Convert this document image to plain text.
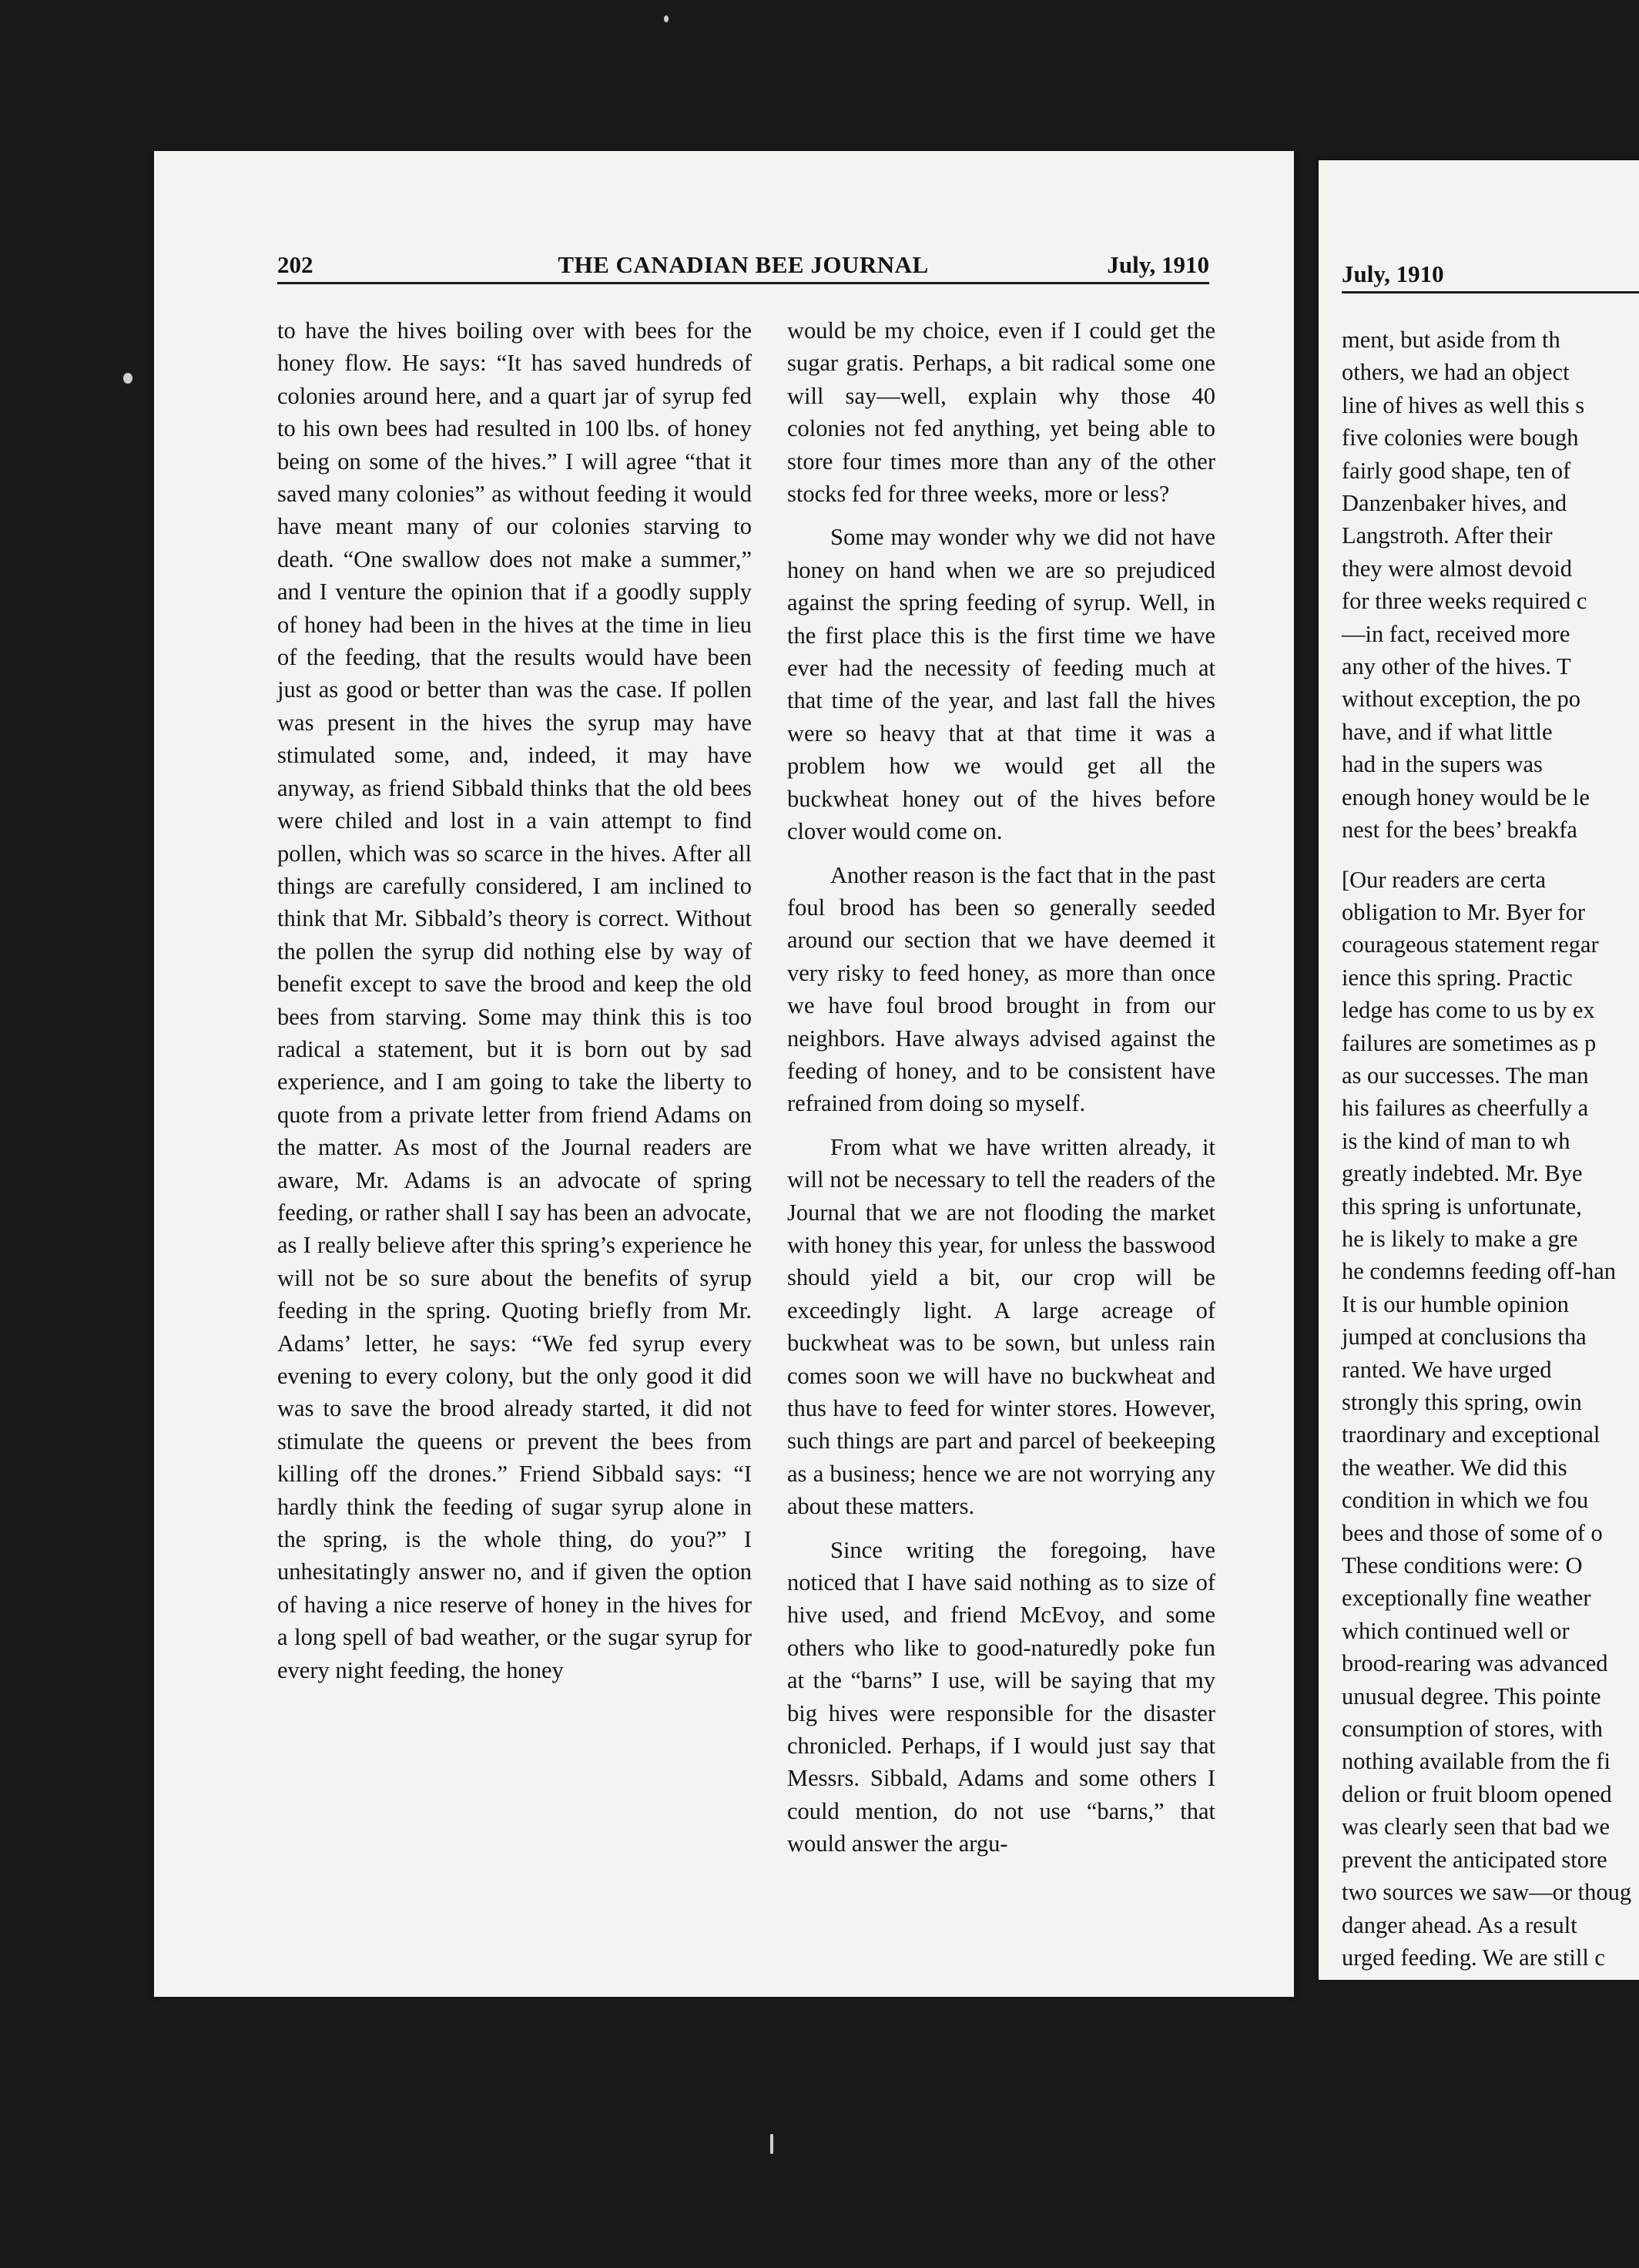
202	THE CANADIAN BEE JOURNAL	July, 1910

to have the hives boiling over with bees for the honey flow. He says: “It has saved hundreds of colonies around here, and a quart jar of syrup fed to his own bees had resulted in 100 lbs. of honey being on some of the hives.” I will agree “that it saved many colonies” as without feeding it would have meant many of our colonies starving to death. “One swallow does not make a summer,” and I venture the opinion that if a goodly supply of honey had been in the hives at the time in lieu of the feeding, that the results would have been just as good or better than was the case. If pollen was present in the hives the syrup may have stimulated some, and, indeed, it may have anyway, as friend Sibbald thinks that the old bees were chiled and lost in a vain attempt to find pollen, which was so scarce in the hives. After all things are carefully considered, I am inclined to think that Mr. Sibbald’s theory is correct. Without the pollen the syrup did nothing else by way of benefit except to save the brood and keep the old bees from starving. Some may think this is too radical a statement, but it is born out by sad experience, and I am going to take the liberty to quote from a private letter from friend Adams on the matter. As most of the Journal readers are aware, Mr. Adams is an advocate of spring feeding, or rather shall I say has been an advocate, as I really believe after this spring’s experience he will not be so sure about the benefits of syrup feeding in the spring. Quoting briefly from Mr. Adams’ letter, he says: “We fed syrup every evening to every colony, but the only good it did was to save the brood already started, it did not stimulate the queens or prevent the bees from killing off the drones.” Friend Sibbald says: “I hardly think the feeding of sugar syrup alone in the spring, is the whole thing, do you?” I unhesitatingly answer no, and if given the option of having a nice reserve of honey in the hives for a long spell of bad weather, or the sugar syrup for every night feeding, the honey

would be my choice, even if I could get the sugar gratis. Perhaps, a bit radical some one will say—well, explain why those 40 colonies not fed anything, yet being able to store four times more than any of the other stocks fed for three weeks, more or less?

Some may wonder why we did not have honey on hand when we are so prejudiced against the spring feeding of syrup. Well, in the first place this is the first time we have ever had the necessity of feeding much at that time of the year, and last fall the hives were so heavy that at that time it was a problem how we would get all the buckwheat honey out of the hives before clover would come on.

Another reason is the fact that in the past foul brood has been so generally seeded around our section that we have deemed it very risky to feed honey, as more than once we have foul brood brought in from our neighbors. Have always advised against the feeding of honey, and to be consistent have refrained from doing so myself.

From what we have written already, it will not be necessary to tell the readers of the Journal that we are not flooding the market with honey this year, for unless the basswood should yield a bit, our crop will be exceedingly light. A large acreage of buckwheat was to be sown, but unless rain comes soon we will have no buckwheat and thus have to feed for winter stores. However, such things are part and parcel of beekeeping as a business; hence we are not worrying any about these matters.

Since writing the foregoing, have noticed that I have said nothing as to size of hive used, and friend McEvoy, and some others who like to good-naturedly poke fun at the “barns” I use, will be saying that my big hives were responsible for the disaster chronicled. Perhaps, if I would just say that Messrs. Sibbald, Adams and some others I could mention, do not use “barns,” that would answer the argu-

July, 1910
ment, but aside from th
others, we had an object
line of hives as well this s
five colonies were bough
fairly good shape, ten of
Danzenbaker hives, and
Langstroth. After their
they were almost devoid
for three weeks required c
—in fact, received more
any other of the hives. T
without exception, the po
have, and if what little
had in the supers was
enough honey would be le
nest for the bees’ breakfa
[Our readers are certa
obligation to Mr. Byer for
courageous statement regar
ience this spring. Practic
ledge has come to us by ex
failures are sometimes as p
as our successes. The man
his failures as cheerfully a
is the kind of man to wh
greatly indebted. Mr. Bye
this spring is unfortunate,
he is likely to make a gre
he condemns feeding off-han
It is our humble opinion
jumped at conclusions tha
ranted. We have urged
strongly this spring, owin
traordinary and exceptional
the weather. We did this
condition in which we fou
bees and those of some of o
These conditions were: O
exceptionally fine weather
which continued well or
brood-rearing was advanced
unusual degree. This pointe
consumption of stores, with
nothing available from the fi
delion or fruit bloom opened
was clearly seen that bad we
prevent the anticipated store
two sources we saw—or thoug
danger ahead. As a result
urged feeding. We are still c
